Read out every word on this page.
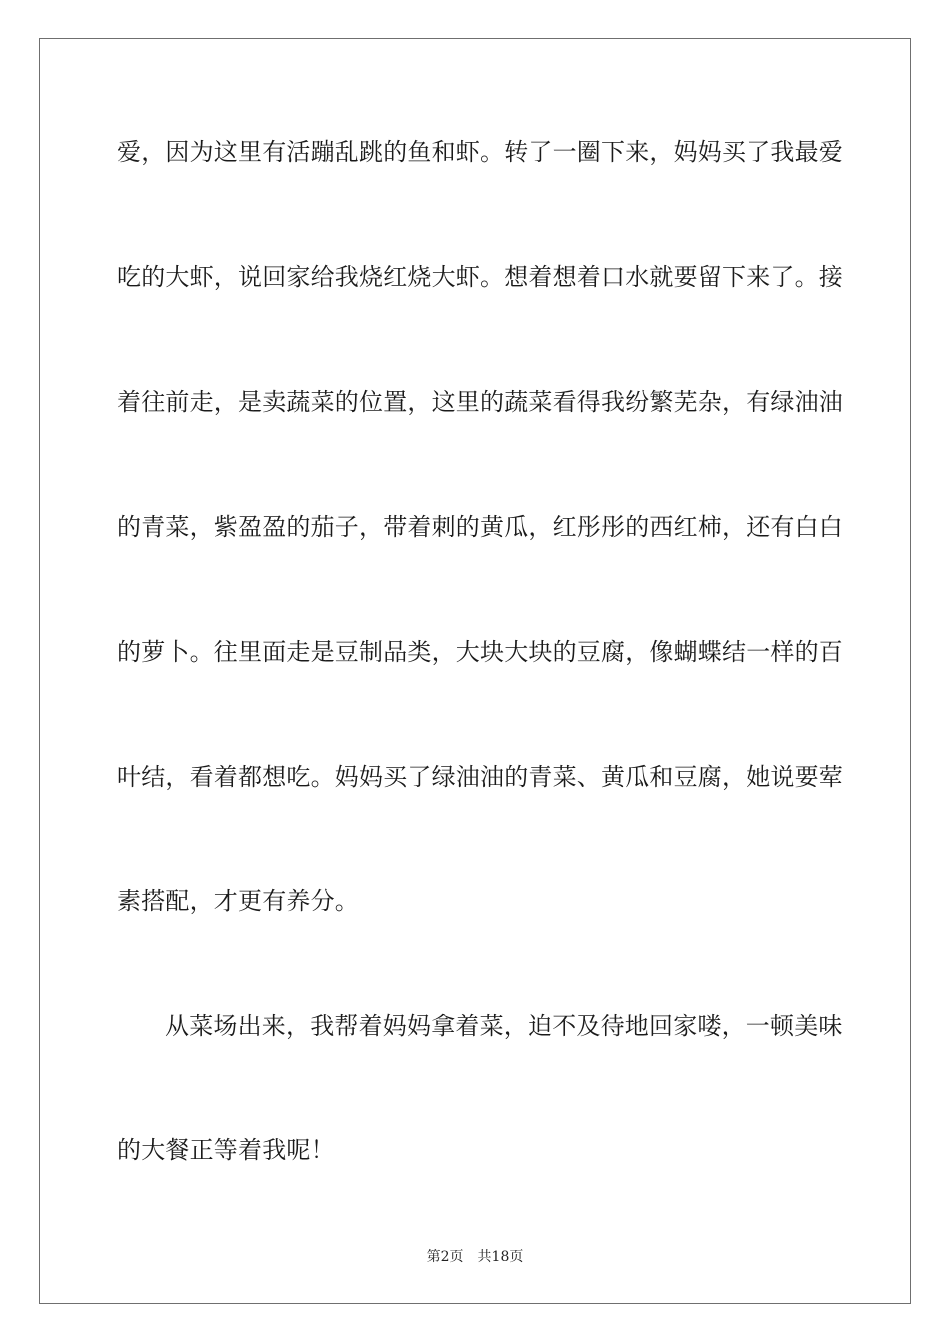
爱，因为这里有活蹦乱跳的鱼和虾。转了一圈下来，妈妈买了我最爱
吃的大虾，说回家给我烧红烧大虾。想着想着口水就要留下来了。接
着往前走，是卖蔬菜的位置，这里的蔬菜看得我纷繁芜杂，有绿油油
的青菜，紫盈盈的茄子，带着刺的黄瓜，红彤彤的西红柿，还有白白
的萝卜。往里面走是豆制品类，大块大块的豆腐，像蝴蝶结一样的百
叶结，看着都想吃。妈妈买了绿油油的青菜、黄瓜和豆腐，她说要荤
素搭配，才更有养分。
从菜场出来，我帮着妈妈拿着菜，迫不及待地回家喽，一顿美味
的大餐正等着我呢！
第2页 共18页
